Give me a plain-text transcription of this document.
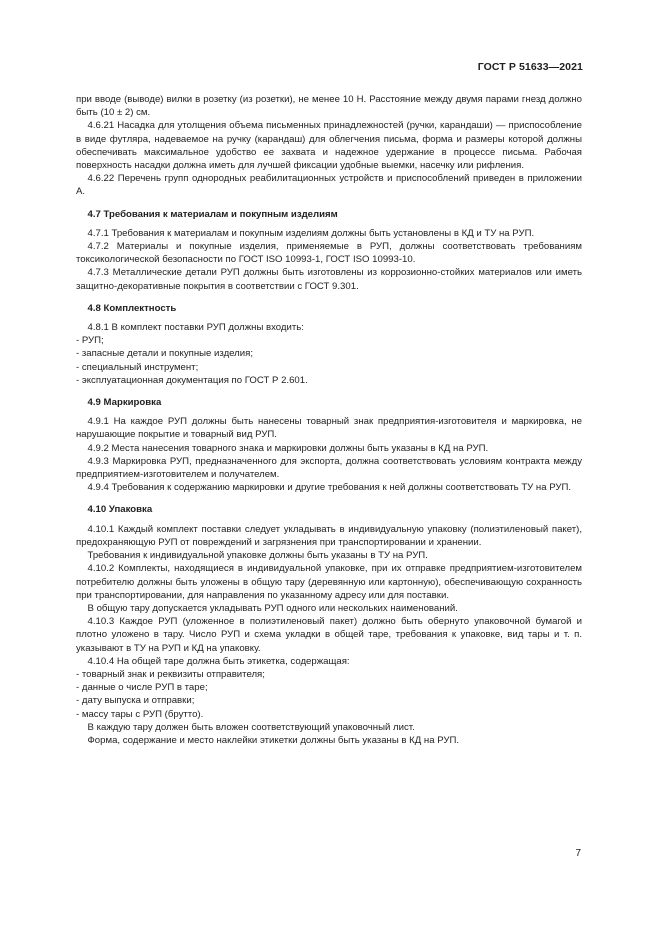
ГОСТ Р 51633—2021

при вводе (выводе) вилки в розетку (из розетки), не менее 10 Н. Расстояние между двумя парами гнезд должно быть (10 ± 2) см.

4.6.21 Насадка для утолщения объема письменных принадлежностей (ручки, карандаши) — приспособление в виде футляра, надеваемое на ручку (карандаш) для облегчения письма, форма и размеры которой должны обеспечивать максимальное удобство ее захвата и надежное удержание в процессе письма. Рабочая поверхность насадки должна иметь для лучшей фиксации удобные выемки, насечку или рифления.

4.6.22 Перечень групп однородных реабилитационных устройств и приспособлений приведен в приложении А.

4.7 Требования к материалам и покупным изделиям

4.7.1 Требования к материалам и покупным изделиям должны быть установлены в КД и ТУ на РУП.

4.7.2 Материалы и покупные изделия, применяемые в РУП, должны соответствовать требованиям токсикологической безопасности по ГОСТ ISO 10993-1, ГОСТ ISO 10993-10.

4.7.3 Металлические детали РУП должны быть изготовлены из коррозионно-стойких материалов или иметь защитно-декоративные покрытия в соответствии с ГОСТ 9.301.

4.8 Комплектность

4.8.1 В комплект поставки РУП должны входить:

- РУП;

- запасные детали и покупные изделия;

- специальный инструмент;

- эксплуатационная документация по ГОСТ Р 2.601.

4.9 Маркировка

4.9.1 На каждое РУП должны быть нанесены товарный знак предприятия-изготовителя и маркировка, не нарушающие покрытие и товарный вид РУП.

4.9.2 Места нанесения товарного знака и маркировки должны быть указаны в КД на РУП.

4.9.3 Маркировка РУП, предназначенного для экспорта, должна соответствовать условиям контракта между предприятием-изготовителем и получателем.

4.9.4 Требования к содержанию маркировки и другие требования к ней должны соответствовать ТУ на РУП.

4.10 Упаковка

4.10.1 Каждый комплект поставки следует укладывать в индивидуальную упаковку (полиэтиленовый пакет), предохраняющую РУП от повреждений и загрязнения при транспортировании и хранении.

Требования к индивидуальной упаковке должны быть указаны в ТУ на РУП.

4.10.2 Комплекты, находящиеся в индивидуальной упаковке, при их отправке предприятием-изготовителем потребителю должны быть уложены в общую тару (деревянную или картонную), обеспечивающую сохранность при транспортировании, для направления по указанному адресу или для поставки.

В общую тару допускается укладывать РУП одного или нескольких наименований.

4.10.3 Каждое РУП (уложенное в полиэтиленовый пакет) должно быть обернуто упаковочной бумагой и плотно уложено в тару. Число РУП и схема укладки в общей таре, требования к упаковке, вид тары и т. п. указывают в ТУ на РУП и КД на упаковку.

4.10.4 На общей таре должна быть этикетка, содержащая:

- товарный знак и реквизиты отправителя;

- данные о числе РУП в таре;

- дату выпуска и отправки;

- массу тары с РУП (брутто).

В каждую тару должен быть вложен соответствующий упаковочный лист.

Форма, содержание и место наклейки этикетки должны быть указаны в КД на РУП.

7
